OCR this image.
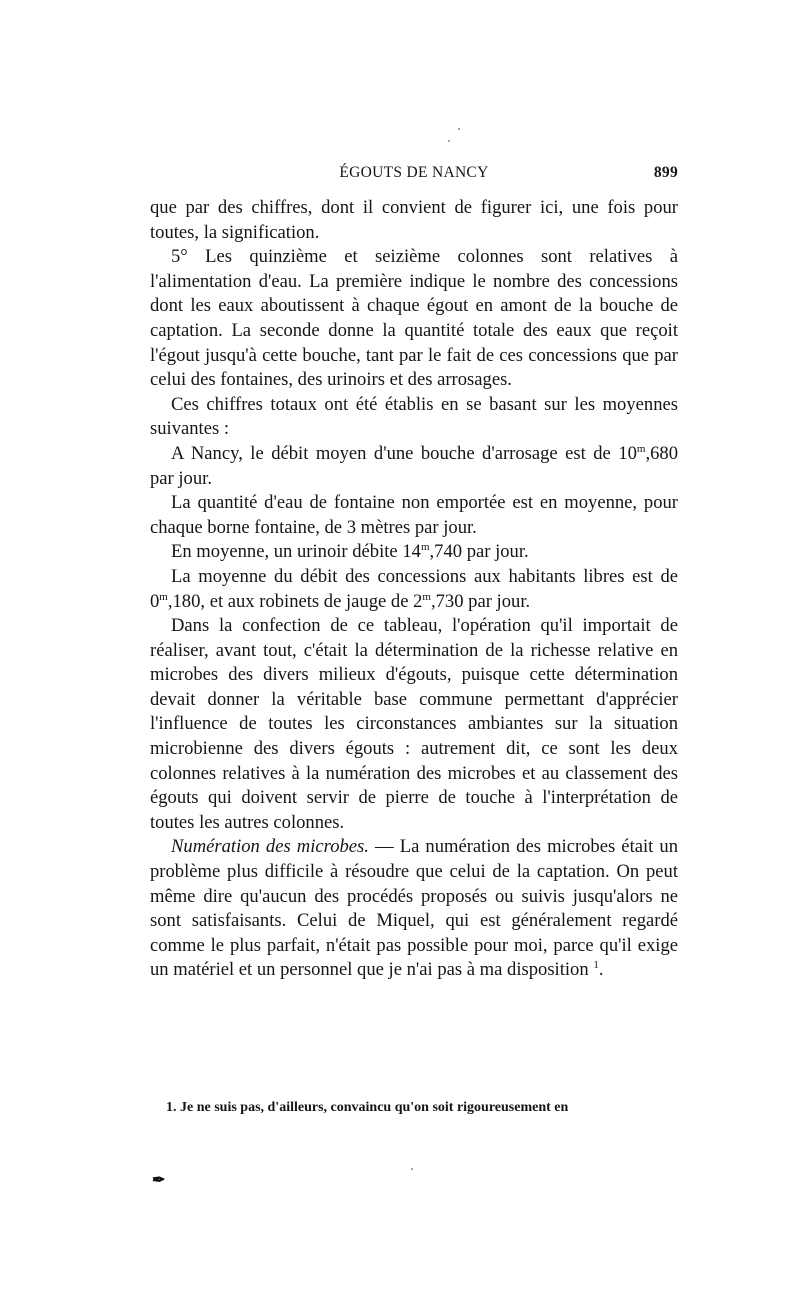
ÉGOUTS DE NANCY	899

que par des chiffres, dont il convient de figurer ici, une fois pour toutes, la signification.

5° Les quinzième et seizième colonnes sont relatives à l'alimentation d'eau. La première indique le nombre des concessions dont les eaux aboutissent à chaque égout en amont de la bouche de captation. La seconde donne la quantité totale des eaux que reçoit l'égout jusqu'à cette bouche, tant par le fait de ces concessions que par celui des fontaines, des urinoirs et des arrosages.

Ces chiffres totaux ont été établis en se basant sur les moyennes suivantes :

A Nancy, le débit moyen d'une bouche d'arrosage est de 10$^m$,680 par jour.

La quantité d'eau de fontaine non emportée est en moyenne, pour chaque borne fontaine, de 3 mètres par jour.

En moyenne, un urinoir débite 14$^m$,740 par jour.

La moyenne du débit des concessions aux habitants libres est de 0$^m$,180, et aux robinets de jauge de 2$^m$,730 par jour.

Dans la confection de ce tableau, l'opération qu'il importait de réaliser, avant tout, c'était la détermination de la richesse relative en microbes des divers milieux d'égouts, puisque cette détermination devait donner la véritable base commune permettant d'apprécier l'influence de toutes les circonstances ambiantes sur la situation microbienne des divers égouts : autrement dit, ce sont les deux colonnes relatives à la numération des microbes et au classement des égouts qui doivent servir de pierre de touche à l'interprétation de toutes les autres colonnes.

Numération des microbes. — La numération des microbes était un problème plus difficile à résoudre que celui de la captation. On peut même dire qu'aucun des procédés proposés ou suivis jusqu'alors ne sont satisfaisants. Celui de Miquel, qui est généralement regardé comme le plus parfait, n'était pas possible pour moi, parce qu'il exige un matériel et un personnel que je n'ai pas à ma disposition $^1$.

1. Je ne suis pas, d'ailleurs, convaincu qu'on soit rigoureusement en
✒
